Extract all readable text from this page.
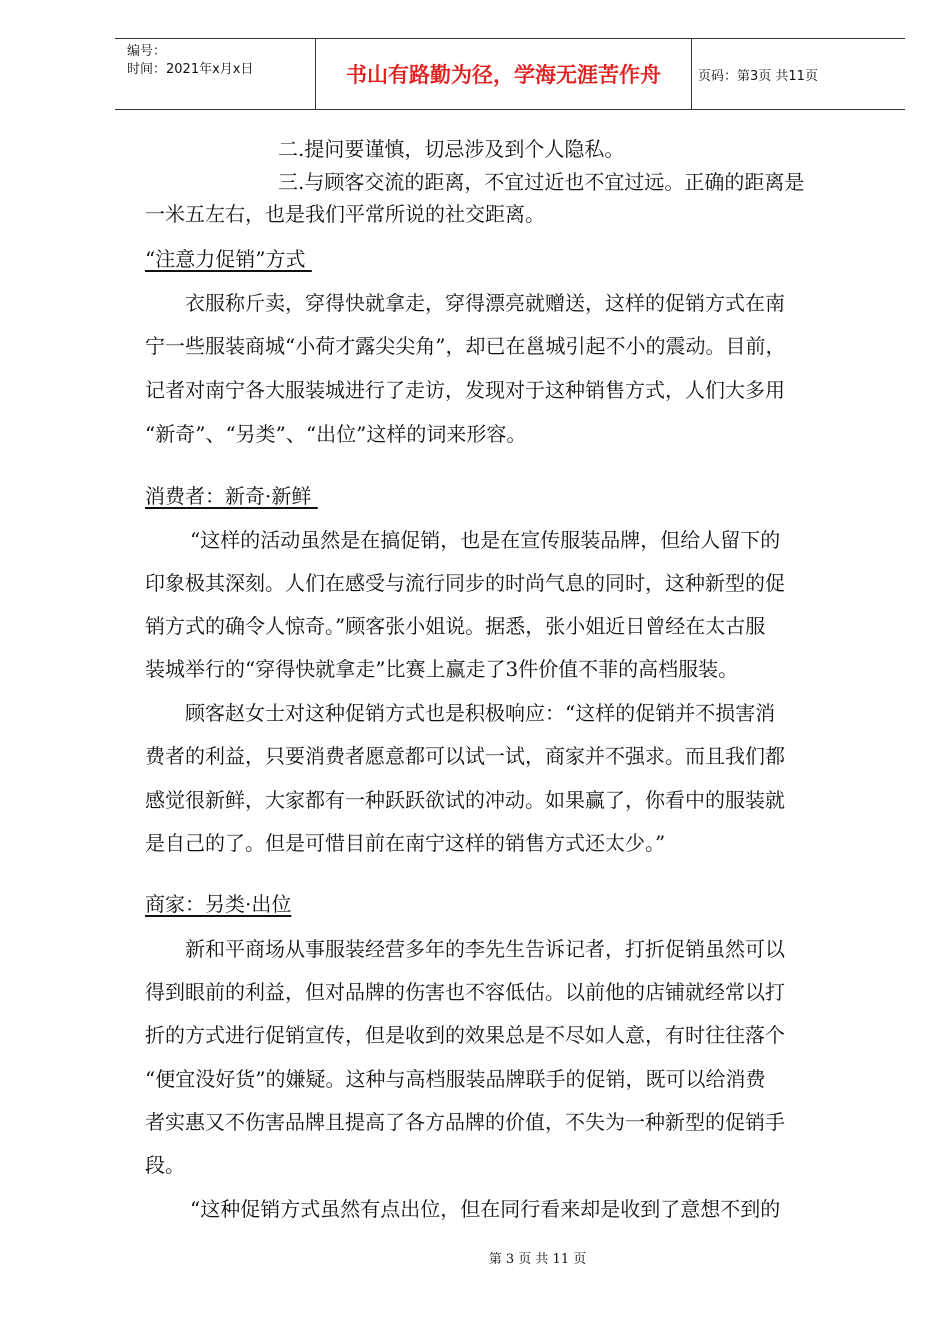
编号：
时间：2021年x月x日	书山有路勤为径，学海无涯苦作舟	页码：第3页 共11页
二.提问要谨慎，切忌涉及到个人隐私。
三.与顾客交流的距离，不宜过近也不宜过远。正确的距离是
一米五左右，也是我们平常所说的社交距离。
“注意力促销”方式
衣服称斤卖，穿得快就拿走，穿得漂亮就赠送，这样的促销方式在南
宁一些服装商城“小荷才露尖尖角”，却已在邕城引起不小的震动。目前，
记者对南宁各大服装城进行了走访，发现对于这种销售方式，人们大多用
“新奇”、“另类”、“出位”这样的词来形容。
消费者：新奇·新鲜
“这样的活动虽然是在搞促销，也是在宣传服装品牌，但给人留下的
印象极其深刻。人们在感受与流行同步的时尚气息的同时，这种新型的促
销方式的确令人惊奇。”顾客张小姐说。据悉，张小姐近日曾经在太古服
装城举行的“穿得快就拿走”比赛上赢走了3件价值不菲的高档服装。
顾客赵女士对这种促销方式也是积极响应：“这样的促销并不损害消
费者的利益，只要消费者愿意都可以试一试，商家并不强求。而且我们都
感觉很新鲜，大家都有一种跃跃欲试的冲动。如果赢了，你看中的服装就
是自己的了。但是可惜目前在南宁这样的销售方式还太少。”
商家：另类·出位
新和平商场从事服装经营多年的李先生告诉记者，打折促销虽然可以
得到眼前的利益，但对品牌的伤害也不容低估。以前他的店铺就经常以打
折的方式进行促销宣传，但是收到的效果总是不尽如人意，有时往往落个
“便宜没好货”的嫌疑。这种与高档服装品牌联手的促销，既可以给消费
者实惠又不伤害品牌且提高了各方品牌的价值，不失为一种新型的促销手
段。
“这种促销方式虽然有点出位，但在同行看来却是收到了意想不到的
第 3 页 共 11 页
